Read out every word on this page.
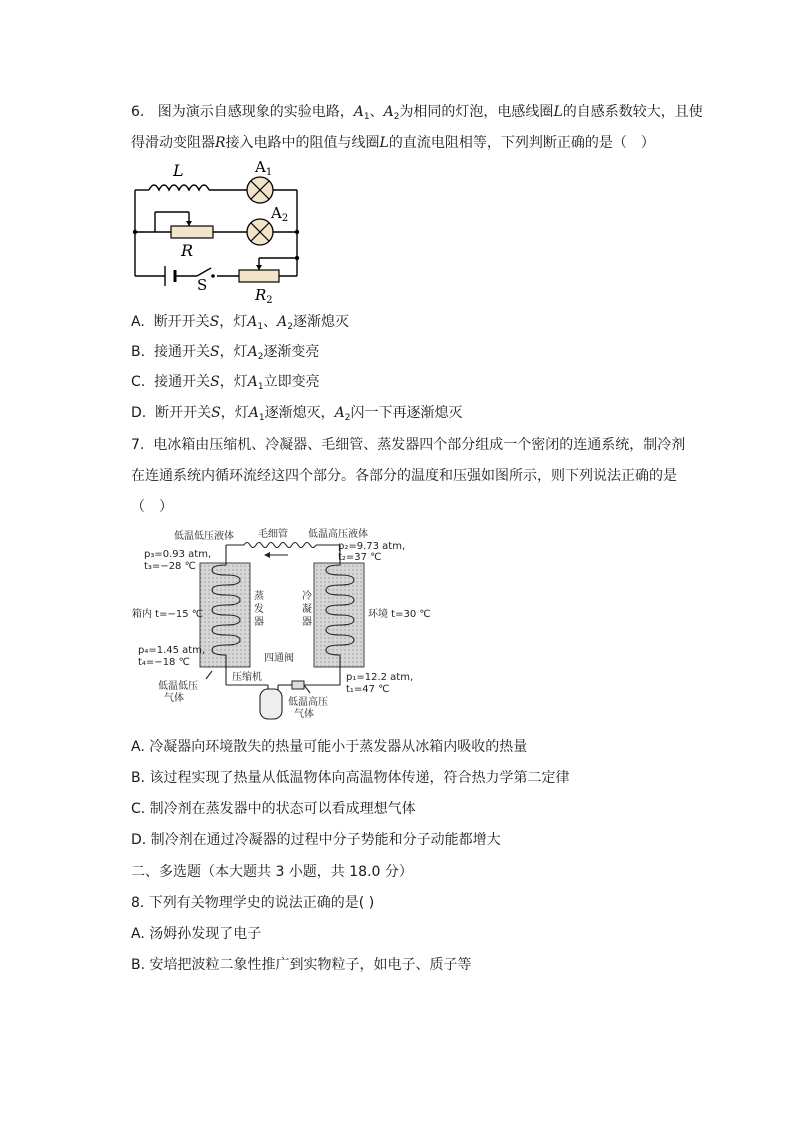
6. 图为演示自感现象的实验电路，$A_1$、$A_2$为相同的灯泡，电感线圈L的自感系数较大，且使
得滑动变阻器R接入电路中的阻值与线圈L的直流电阻相等，下列判断正确的是（　）
L	$A_1$
$A_2$
R
S
$R_2$
A. 断开开关S，灯$A_1$、$A_2$逐渐熄灭
B. 接通开关S，灯$A_2$逐渐变亮
C. 接通开关S，灯$A_1$立即变亮
D. 断开开关S，灯$A_1$逐渐熄灭，$A_2$闪一下再逐渐熄灭
7. 电冰箱由压缩机、冷凝器、毛细管、蒸发器四个部分组成一个密闭的连通系统，制冷剂
在连通系统内循环流经这四个部分。各部分的温度和压强如图所示，则下列说法正确的是
（　）
低温低压液体 毛细管 低温高压液体
p₃=0.93 atm,
t₃=−28 ℃
p₂=9.73 atm,
t₂=37 ℃
蒸
发
器
冷
凝
器
箱内 t=−15 ℃	环境 t=30 ℃
p₄=1.45 atm,
t₄=−18 ℃	四通阀
压缩机	p₁=12.2 atm,
t₁=47 ℃
低温低压
气体	低温高压
气体
A. 冷凝器向环境散失的热量可能小于蒸发器从冰箱内吸收的热量
B. 该过程实现了热量从低温物体向高温物体传递，符合热力学第二定律
C. 制冷剂在蒸发器中的状态可以看成理想气体
D. 制冷剂在通过冷凝器的过程中分子势能和分子动能都增大
二、多选题（本大题共 3 小题，共 18.0 分）
8. 下列有关物理学史的说法正确的是( )
A. 汤姆孙发现了电子
B. 安培把波粒二象性推广到实物粒子，如电子、质子等
